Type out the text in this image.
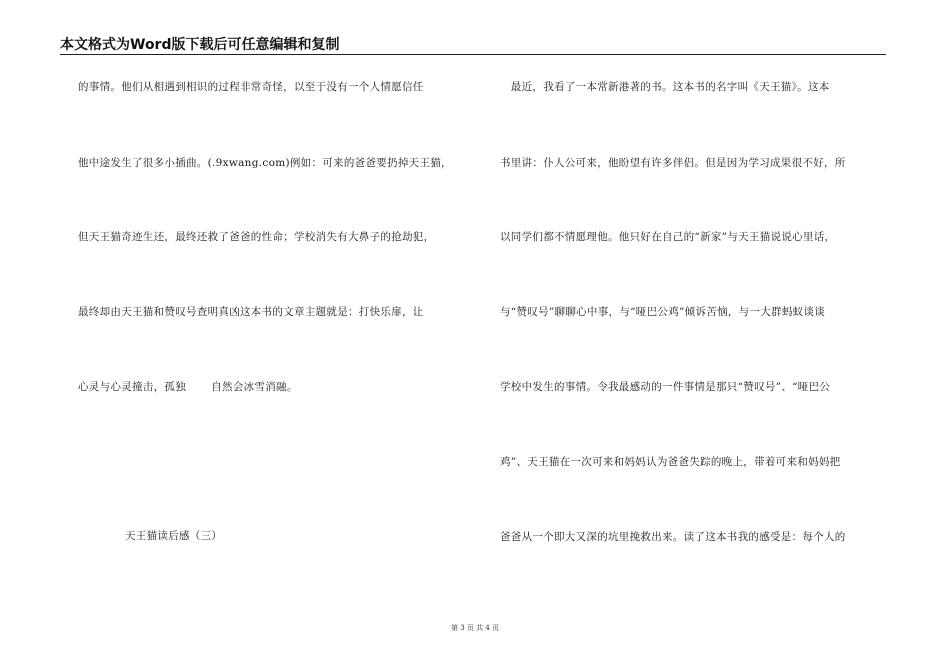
本文格式为Word版下载后可任意编辑和复制
的事情。他们从相遇到相识的过程非常奇怪，以至于没有一个人情愿信任
他中途发生了很多小插曲。(.9xwang.com)例如：可来的爸爸要扔掉天王猫，
但天王猫奇迹生还，最终还救了爸爸的性命；学校消失有大鼻子的抢劫犯，
最终却由天王猫和赞叹号查明真凶这本书的文章主题就是：打快乐扉，让
心灵与心灵撞击，孤独　　 自然会冰雪消融。
天王猫读后感（三）
　最近，我看了一本常新港著的书。这本书的名字叫《天王猫》。这本
书里讲：仆人公可来，他盼望有许多伴侣。但是因为学习成果很不好，所
以同学们都不情愿理他。他只好在自己的“新家”与天王猫说说心里话，
与“赞叹号”聊聊心中事，与“哑巴公鸡”倾诉苦恼，与一大群蚂蚁谈谈
学校中发生的事情。令我最感动的一件事情是那只“赞叹号”、“哑巴公
鸡”、天王猫在一次可来和妈妈认为爸爸失踪的晚上，带着可来和妈妈把
爸爸从一个即大又深的坑里挽救出来。读了这本书我的感受是：每个人的
第 3 页 共 4 页
